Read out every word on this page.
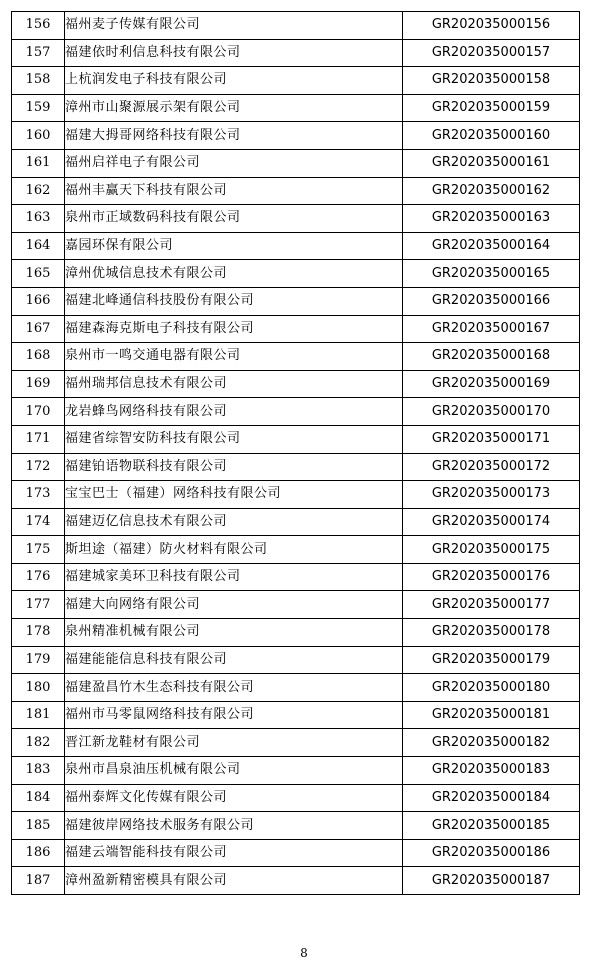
156	福州麦子传媒有限公司	GR202035000156
157	福建依时利信息科技有限公司	GR202035000157
158	上杭润发电子科技有限公司	GR202035000158
159	漳州市山聚源展示架有限公司	GR202035000159
160	福建大拇哥网络科技有限公司	GR202035000160
161	福州启祥电子有限公司	GR202035000161
162	福州丰赢天下科技有限公司	GR202035000162
163	泉州市正域数码科技有限公司	GR202035000163
164	嘉园环保有限公司	GR202035000164
165	漳州优城信息技术有限公司	GR202035000165
166	福建北峰通信科技股份有限公司	GR202035000166
167	福建森海克斯电子科技有限公司	GR202035000167
168	泉州市一鸣交通电器有限公司	GR202035000168
169	福州瑞邦信息技术有限公司	GR202035000169
170	龙岩蜂鸟网络科技有限公司	GR202035000170
171	福建省综智安防科技有限公司	GR202035000171
172	福建铂语物联科技有限公司	GR202035000172
173	宝宝巴士（福建）网络科技有限公司	GR202035000173
174	福建迈亿信息技术有限公司	GR202035000174
175	斯坦途（福建）防火材料有限公司	GR202035000175
176	福建城家美环卫科技有限公司	GR202035000176
177	福建大向网络有限公司	GR202035000177
178	泉州精准机械有限公司	GR202035000178
179	福建能能信息科技有限公司	GR202035000179
180	福建盈昌竹木生态科技有限公司	GR202035000180
181	福州市马零鼠网络科技有限公司	GR202035000181
182	晋江新龙鞋材有限公司	GR202035000182
183	泉州市昌泉油压机械有限公司	GR202035000183
184	福州泰辉文化传媒有限公司	GR202035000184
185	福建彼岸网络技术服务有限公司	GR202035000185
186	福建云端智能科技有限公司	GR202035000186
187	漳州盈新精密模具有限公司	GR202035000187
8
